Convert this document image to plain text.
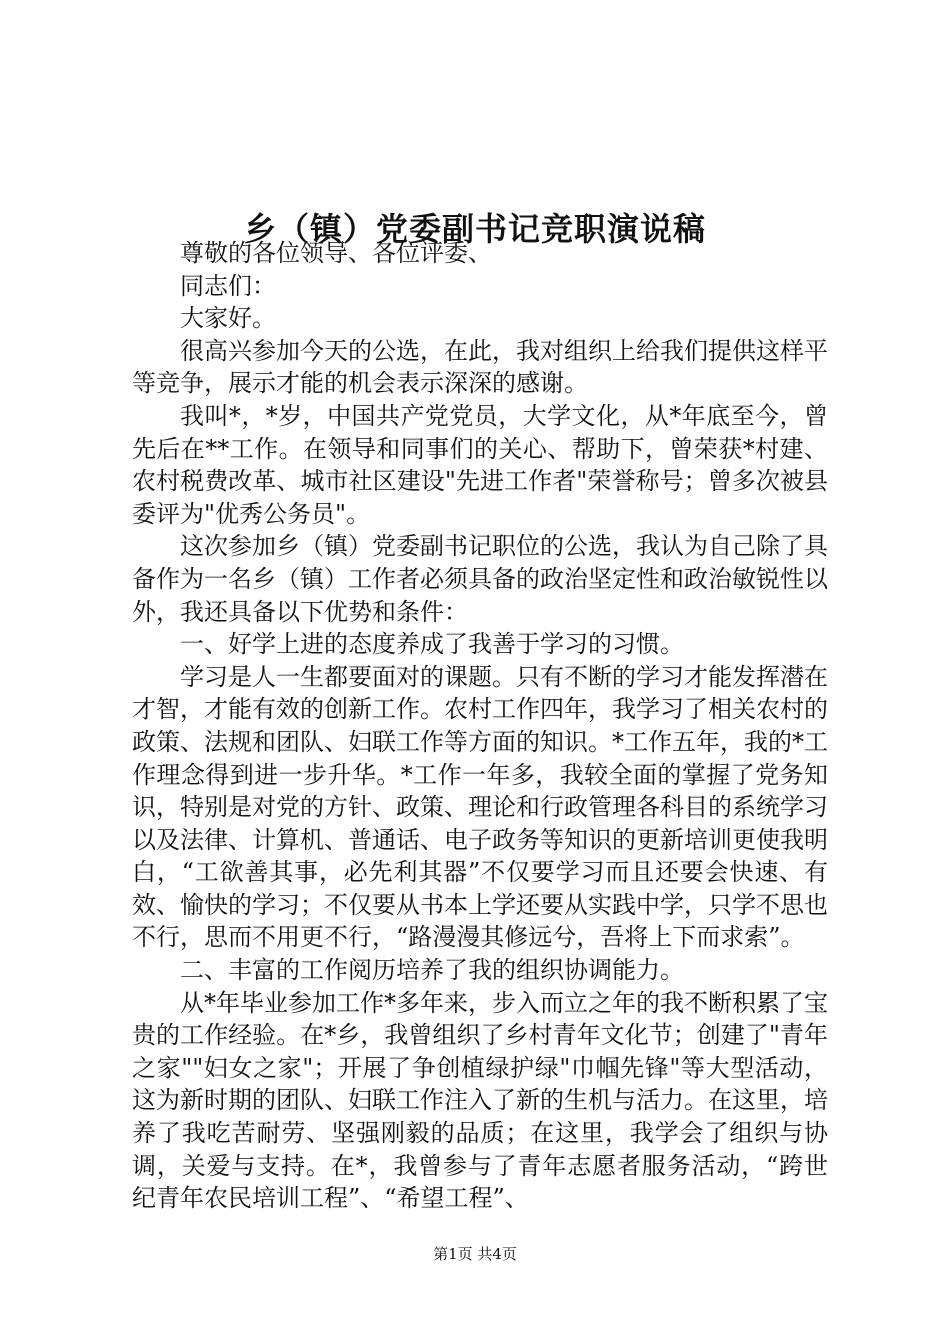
乡（镇）党委副书记竞职演说稿

尊敬的各位领导、各位评委、

同志们：

大家好。

很高兴参加今天的公选，在此，我对组织上给我们提供这样平等竞争，展示才能的机会表示深深的感谢。

我叫*，*岁，中国共产党党员，大学文化，从*年底至今，曾先后在**工作。在领导和同事们的关心、帮助下，曾荣获*村建、农村税费改革、城市社区建设"先进工作者"荣誉称号；曾多次被县委评为"优秀公务员"。

这次参加乡（镇）党委副书记职位的公选，我认为自己除了具备作为一名乡（镇）工作者必须具备的政治坚定性和政治敏锐性以外，我还具备以下优势和条件：

一、好学上进的态度养成了我善于学习的习惯。

学习是人一生都要面对的课题。只有不断的学习才能发挥潜在才智，才能有效的创新工作。农村工作四年，我学习了相关农村的政策、法规和团队、妇联工作等方面的知识。*工作五年，我的*工作理念得到进一步升华。*工作一年多，我较全面的掌握了党务知识，特别是对党的方针、政策、理论和行政管理各科目的系统学习以及法律、计算机、普通话、电子政务等知识的更新培训更使我明白，“工欲善其事，必先利其器”不仅要学习而且还要会快速、有效、愉快的学习；不仅要从书本上学还要从实践中学，只学不思也不行，思而不用更不行，“路漫漫其修远兮，吾将上下而求索”。

二、丰富的工作阅历培养了我的组织协调能力。

从*年毕业参加工作*多年来，步入而立之年的我不断积累了宝贵的工作经验。在*乡，我曾组织了乡村青年文化节；创建了"青年之家""妇女之家"；开展了争创植绿护绿"巾帼先锋"等大型活动，这为新时期的团队、妇联工作注入了新的生机与活力。在这里，培养了我吃苦耐劳、坚强刚毅的品质；在这里，我学会了组织与协调，关爱与支持。在*，我曾参与了青年志愿者服务活动，“跨世纪青年农民培训工程”、“希望工程”、

第1页 共4页
